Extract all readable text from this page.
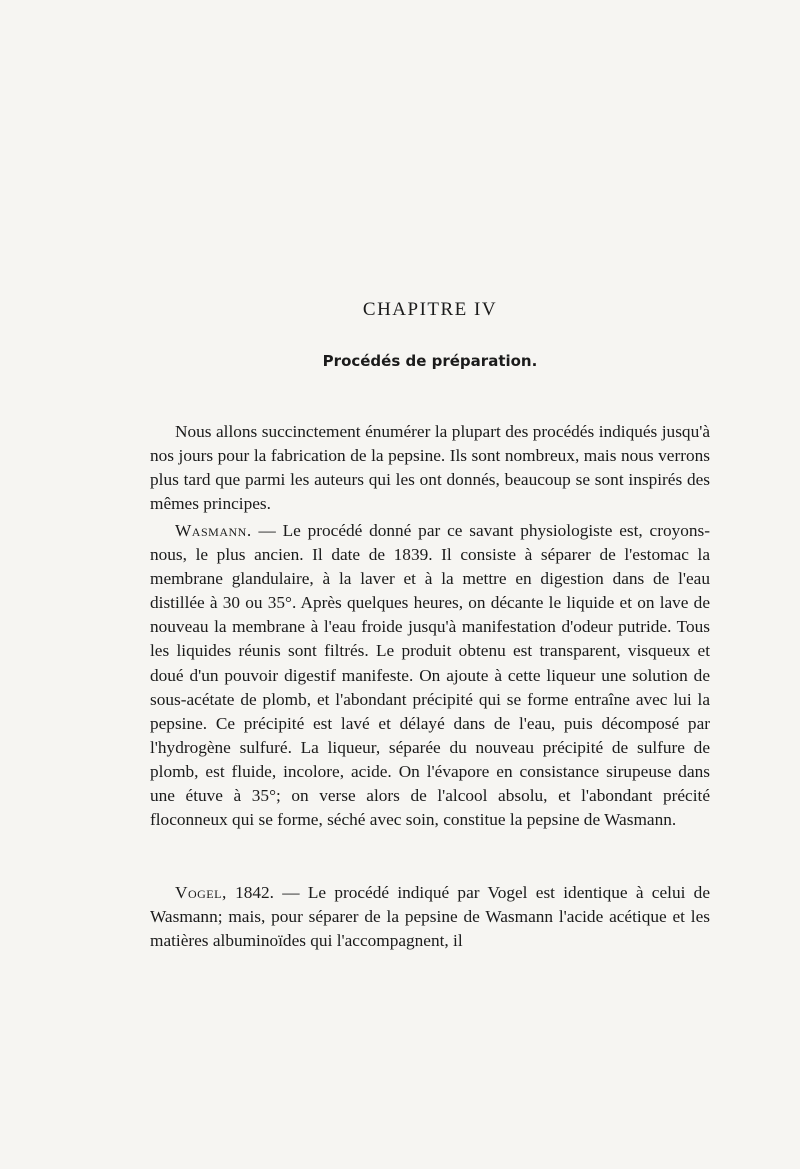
CHAPITRE IV
Procédés de préparation.

Nous allons succinctement énumérer la plupart des procédés indiqués jusqu'à nos jours pour la fabrication de la pepsine. Ils sont nombreux, mais nous verrons plus tard que parmi les auteurs qui les ont donnés, beaucoup se sont inspirés des mêmes principes.

Wasmann. — Le procédé donné par ce savant physiologiste est, croyons-nous, le plus ancien. Il date de 1839. Il consiste à séparer de l'estomac la membrane glandulaire, à la laver et à la mettre en digestion dans de l'eau distillée à 30 ou 35°. Après quelques heures, on décante le liquide et on lave de nouveau la membrane à l'eau froide jusqu'à manifestation d'odeur putride. Tous les liquides réunis sont filtrés. Le produit obtenu est transparent, visqueux et doué d'un pouvoir digestif manifeste. On ajoute à cette liqueur une solution de sous-acétate de plomb, et l'abondant précipité qui se forme entraîne avec lui la pepsine. Ce précipité est lavé et délayé dans de l'eau, puis décomposé par l'hydrogène sulfuré. La liqueur, séparée du nouveau précipité de sulfure de plomb, est fluide, incolore, acide. On l'évapore en consistance sirupeuse dans une étuve à 35°; on verse alors de l'alcool absolu, et l'abondant précité floconneux qui se forme, séché avec soin, constitue la pepsine de Wasmann.

Vogel, 1842. — Le procédé indiqué par Vogel est identique à celui de Wasmann; mais, pour séparer de la pepsine de Wasmann l'acide acétique et les matières albuminoïdes qui l'accompagnent, il
